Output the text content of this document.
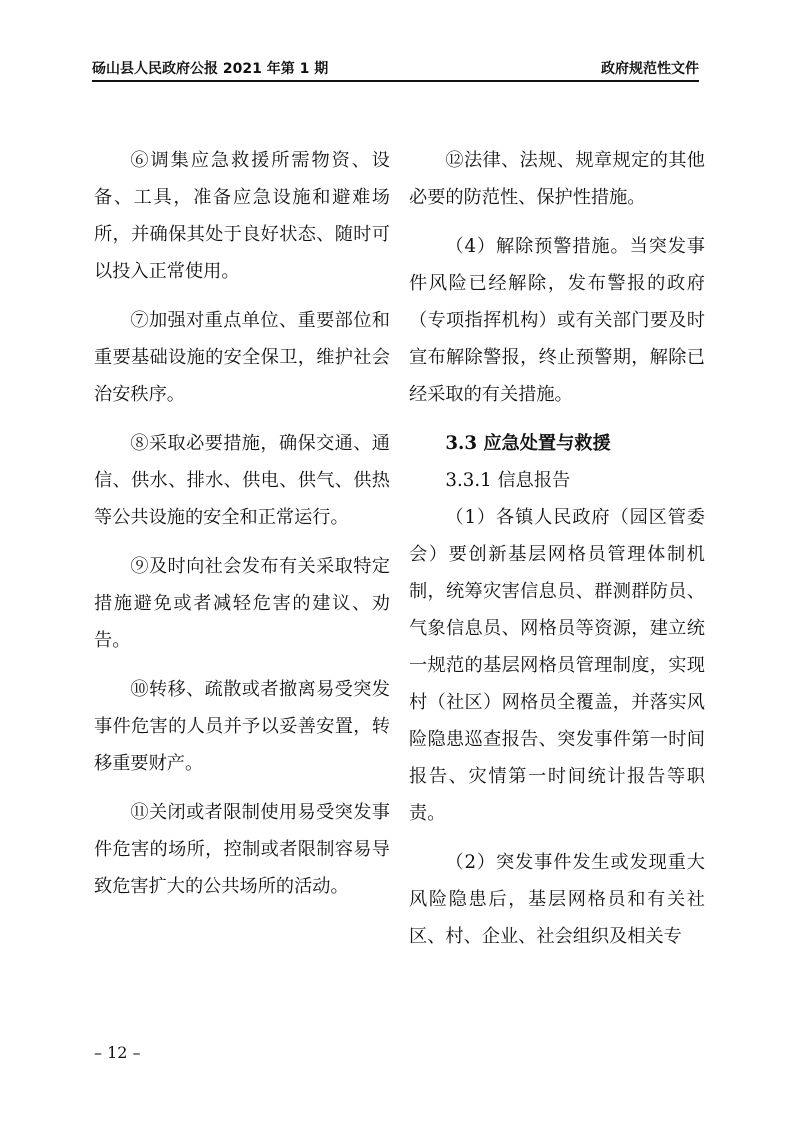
砀山县人民政府公报 2021 年第 1 期	政府规范性文件

⑥调集应急救援所需物资、设备、工具，准备应急设施和避难场所，并确保其处于良好状态、随时可以投入正常使用。

⑦加强对重点单位、重要部位和重要基础设施的安全保卫，维护社会治安秩序。

⑧采取必要措施，确保交通、通信、供水、排水、供电、供气、供热等公共设施的安全和正常运行。

⑨及时向社会发布有关采取特定措施避免或者减轻危害的建议、劝告。

⑩转移、疏散或者撤离易受突发事件危害的人员并予以妥善安置，转移重要财产。

⑪关闭或者限制使用易受突发事件危害的场所，控制或者限制容易导致危害扩大的公共场所的活动。

⑫法律、法规、规章规定的其他必要的防范性、保护性措施。

（4）解除预警措施。当突发事件风险已经解除，发布警报的政府（专项指挥机构）或有关部门要及时宣布解除警报，终止预警期，解除已经采取的有关措施。

3.3 应急处置与救援

3.3.1 信息报告

（1）各镇人民政府（园区管委会）要创新基层网格员管理体制机制，统筹灾害信息员、群测群防员、气象信息员、网格员等资源，建立统一规范的基层网格员管理制度，实现村（社区）网格员全覆盖，并落实风险隐患巡查报告、突发事件第一时间报告、灾情第一时间统计报告等职责。

（2）突发事件发生或发现重大风险隐患后，基层网格员和有关社区、村、企业、社会组织及相关专

– 12 –
